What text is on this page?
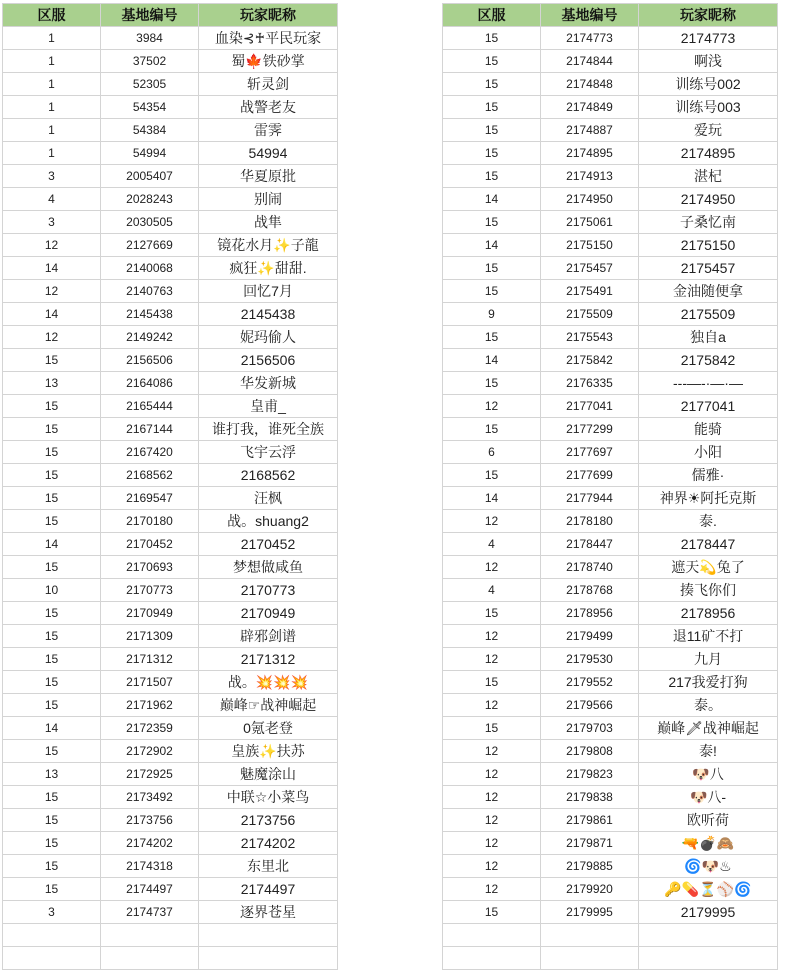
区服	基地编号	玩家昵称
1	3984	血染⊰♰平民玩家
1	37502	蜀🍁铁砂掌
1	52305	斩灵剑
1	54354	战警老友
1	54384	雷霁
1	54994	54994
3	2005407	华夏原批
4	2028243	别闹
3	2030505	战隼
12	2127669	镜花水月✨子龍
14	2140068	疯狂✨甜甜.
12	2140763	回忆7月
14	2145438	2145438
12	2149242	妮玛偷人
15	2156506	2156506
13	2164086	华发新城
15	2165444	皇甫_
15	2167144	谁打我，谁死全族
15	2167420	飞宇云浮
15	2168562	2168562
15	2169547	汪枫
15	2170180	战。shuang2
14	2170452	2170452
15	2170693	梦想做咸鱼
10	2170773	2170773
15	2170949	2170949
15	2171309	辟邪剑谱
15	2171312	2171312
15	2171507	战。💥💥💥
15	2171962	巅峰☞战神崛起
14	2172359	0氪老登
15	2172902	皇族✨扶苏
13	2172925	魅魔涂山
15	2173492	中联☆小菜鸟
15	2173756	2173756
15	2174202	2174202
15	2174318	东里北
15	2174497	2174497
3	2174737	逐界苍星

区服	基地编号	玩家昵称
15	2174773	2174773
15	2174844	啊浅
15	2174848	训练号002
15	2174849	训练号003
15	2174887	爱玩
15	2174895	2174895
15	2174913	湛杞
14	2174950	2174950
15	2175061	子桑忆南
14	2175150	2175150
15	2175457	2175457
15	2175491	金油随便拿
9	2175509	2175509
15	2175543	独自a
14	2175842	2175842
15	2176335	---—-·—·—
12	2177041	2177041
15	2177299	能骑
6	2177697	小阳
15	2177699	儒雅·
14	2177944	神界☀阿托克斯
12	2178180	泰.
4	2178447	2178447
12	2178740	遮天💫兔了
4	2178768	揍飞你们
15	2178956	2178956
12	2179499	退11矿不打
12	2179530	九月
15	2179552	217我爱打狗
12	2179566	泰。
15	2179703	巅峰🗡战神崛起
12	2179808	泰!
12	2179823	🐶八
12	2179838	🐶八-
12	2179861	欧听荷
12	2179871	🔫💣🙈
12	2179885	🌀🐶♨
12	2179920	🔑💊⏳⚾🌀
15	2179995	2179995
